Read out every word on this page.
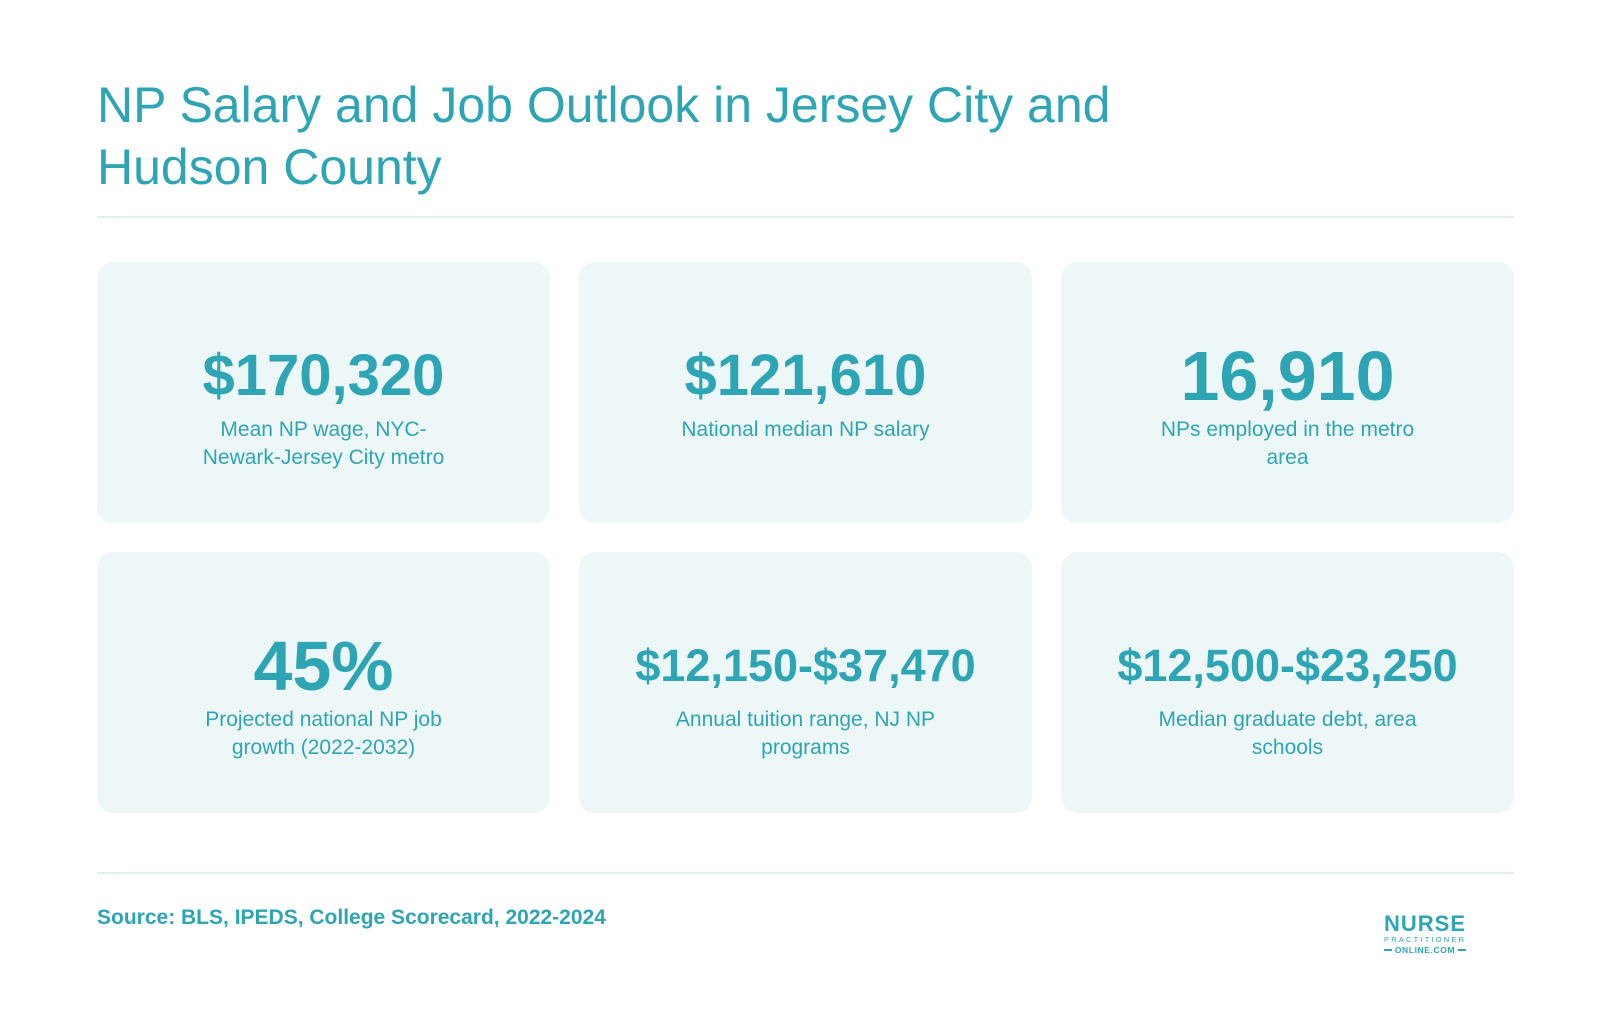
NP Salary and Job Outlook in Jersey City and Hudson County
$170,320
Mean NP wage, NYC-Newark-Jersey City metro
$121,610
National median NP salary
16,910
NPs employed in the metro area
45%
Projected national NP job growth (2022-2032)
$12,150-$37,470
Annual tuition range, NJ NP programs
$12,500-$23,250
Median graduate debt, area schools
Source: BLS, IPEDS, College Scorecard, 2022-2024	NURSE
PRACTITIONER
ONLINE.COM
